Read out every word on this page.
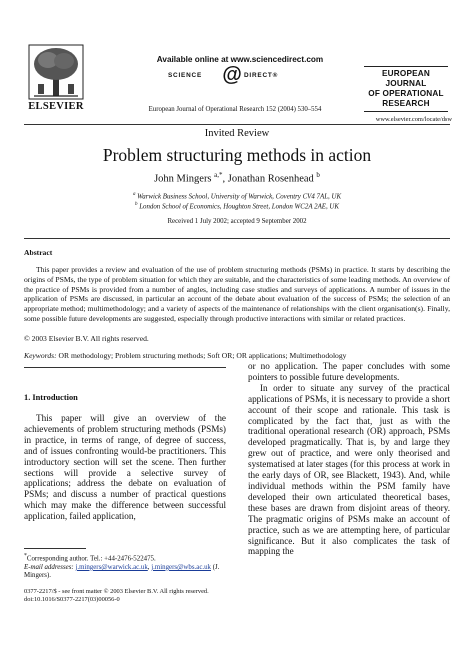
ELSEVIER
Available online at www.sciencedirect.com
SCIENCE @ DIRECT®
European Journal of Operational Research 152 (2004) 530–554
EUROPEAN
JOURNAL
OF OPERATIONAL
RESEARCH
www.elsevier.com/locate/dsw
Invited Review
Problem structuring methods in action
John Mingers $^{a,*}$, Jonathan Rosenhead $^b$
$^a$ Warwick Business School, University of Warwick, Coventry CV4 7AL, UK
$^b$ London School of Economics, Houghton Street, London WC2A 2AE, UK
Received 1 July 2002; accepted 9 September 2002
Abstract

This paper provides a review and evaluation of the use of problem structuring methods (PSMs) in practice. It starts by describing the origins of PSMs, the type of problem situation for which they are suitable, and the characteristics of some leading methods. An overview of the practice of PSMs is provided from a number of angles, including case studies and surveys of applications. A number of issues in the application of PSMs are discussed, in particular an account of the debate about evaluation of the success of PSMs; the selection of an appropriate method; multimethodology; and a variety of aspects of the maintenance of relationships with the client organisation(s). Finally, some possible future developments are suggested, especially through productive interactions with similar or related practices.

© 2003 Elsevier B.V. All rights reserved.
Keywords: OR methodology; Problem structuring methods; Soft OR; OR applications; Multimethodology
1. Introduction

This paper will give an overview of the achievements of problem structuring methods (PSMs) in practice, in terms of range, of degree of success, and of issues confronting would-be practitioners. This introductory section will set the scene. Then further sections will provide a selective survey of applications; address the debate on evaluation of PSMs; and discuss a number of practical questions which may make the difference between successful application, failed application,

or no application. The paper concludes with some pointers to possible future developments.

In order to situate any survey of the practical applications of PSMs, it is necessary to provide a short account of their scope and rationale. This task is complicated by the fact that, just as with the traditional operational research (OR) approach, PSMs developed pragmatically. That is, by and large they grew out of practice, and were only theorised and systematised at later stages (for this process at work in the early days of OR, see Blackett, 1943). And, while individual methods within the PSM family have developed their own articulated theoretical bases, these bases are drawn from disjoint areas of theory. The pragmatic origins of PSMs make an account of practice, such as we are attempting here, of particular significance. But it also complicates the task of mapping the

*Corresponding author. Tel.: +44-2476-522475.

E-mail addresses: j.mingers@warwick.ac.uk, j.mingers@wbs.ac.uk (J. Mingers).

0377-2217/$ - see front matter © 2003 Elsevier B.V. All rights reserved.
doi:10.1016/S0377-2217(03)00056-0
